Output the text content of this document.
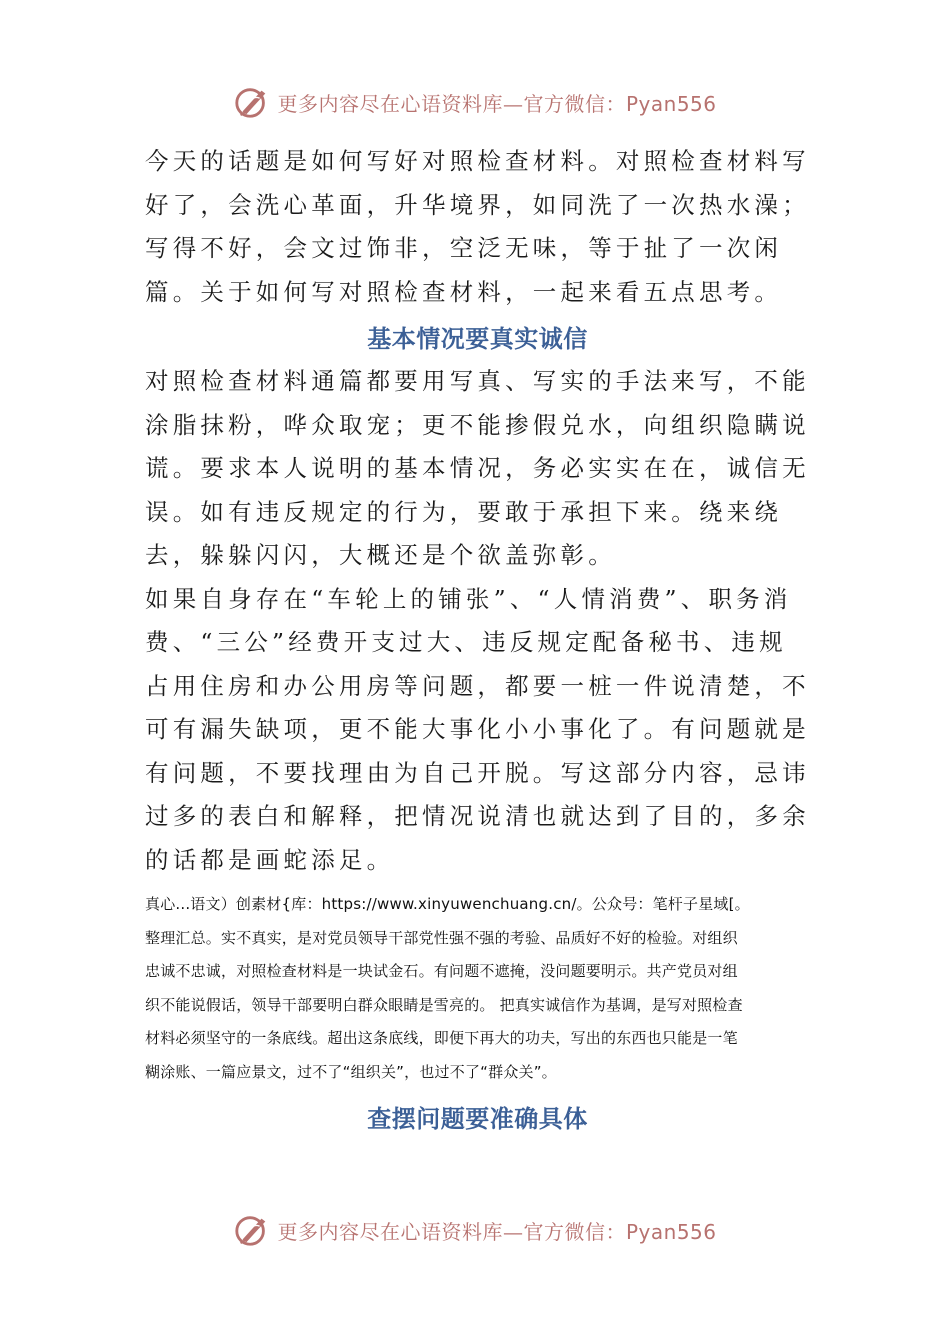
更多内容尽在心语资料库—官方微信：Pyan556

今天的话题是如何写好对照检查材料。对照检查材料写好了，会洗心革面，升华境界，如同洗了一次热水澡；写得不好，会文过饰非，空泛无味，等于扯了一次闲篇。关于如何写对照检查材料，一起来看五点思考。

基本情况要真实诚信

对照检查材料通篇都要用写真、写实的手法来写，不能涂脂抹粉，哗众取宠；更不能掺假兑水，向组织隐瞒说谎。要求本人说明的基本情况，务必实实在在，诚信无误。如有违反规定的行为，要敢于承担下来。绕来绕去，躲躲闪闪，大概还是个欲盖弥彰。

如果自身存在“车轮上的铺张”、“人情消费”、职务消费、“三公”经费开支过大、违反规定配备秘书、违规占用住房和办公用房等问题，都要一桩一件说清楚，不可有漏失缺项，更不能大事化小小事化了。有问题就是有问题，不要找理由为自己开脱。写这部分内容，忌讳过多的表白和解释，把情况说清也就达到了目的，多余的话都是画蛇添足。

真心...语文）创素材{库：https://www.xinyuwenchuang.cn/。公众号：笔杆子星域[。

整理汇总。实不真实，是对党员领导干部党性强不强的考验、品质好不好的检验。对组织

忠诚不忠诚，对照检查材料是一块试金石。有问题不遮掩，没问题要明示。共产党员对组

织不能说假话，领导干部要明白群众眼睛是雪亮的。 把真实诚信作为基调，是写对照检查

材料必须坚守的一条底线。超出这条底线，即便下再大的功夫，写出的东西也只能是一笔

糊涂账、一篇应景文，过不了“组织关”，也过不了“群众关”。

查摆问题要准确具体
更多内容尽在心语资料库—官方微信：Pyan556
